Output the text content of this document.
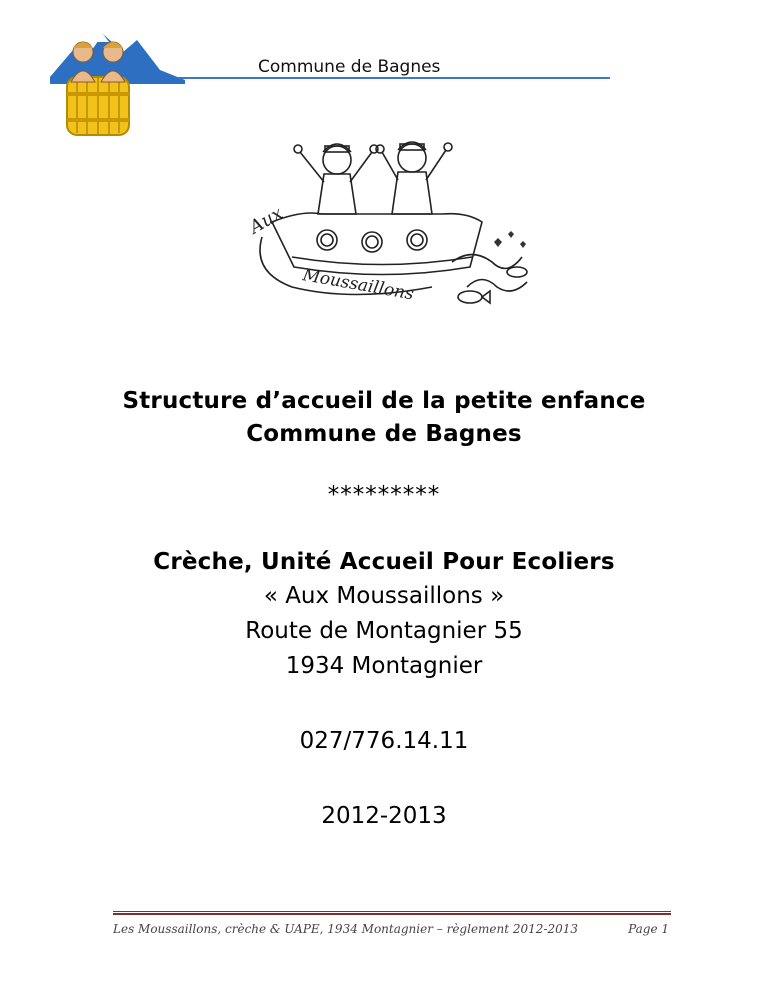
Commune de Bagnes
Aux
Moussaillons
Structure d’accueil de la petite enfance
Commune de Bagnes
*********
Crèche, Unité Accueil Pour Ecoliers
« Aux Moussaillons »
Route de Montagnier 55
1934 Montagnier
027/776.14.11
2012-2013
Les Moussaillons, crèche & UAPE, 1934 Montagnier – règlement 2012-2013	Page 1
